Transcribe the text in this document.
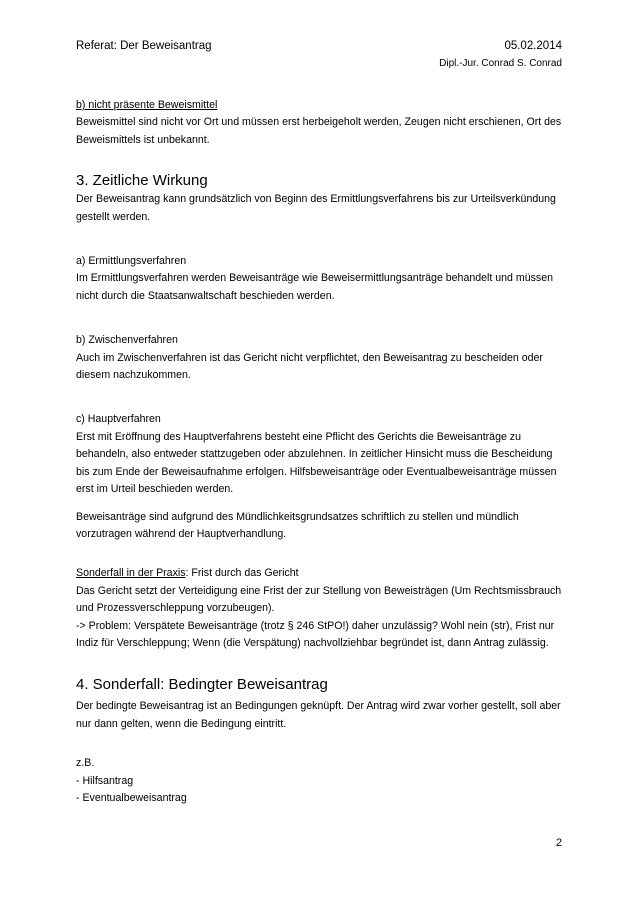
Referat: Der Beweisantrag	05.02.2014
Dipl.-Jur. Conrad S. Conrad

b) nicht präsente Beweismittel

Beweismittel sind nicht vor Ort und müssen erst herbeigeholt werden, Zeugen nicht erschienen, Ort des Beweismittels ist unbekannt.

3. Zeitliche Wirkung

Der Beweisantrag kann grundsätzlich von Beginn des Ermittlungsverfahrens bis zur Urteilsverkündung gestellt werden.

a) Ermittlungsverfahren

Im Ermittlungsverfahren werden Beweisanträge wie Beweisermittlungsanträge behandelt und müssen nicht durch die Staatsanwaltschaft beschieden werden.

b) Zwischenverfahren

Auch im Zwischenverfahren ist das Gericht nicht verpflichtet, den Beweisantrag zu bescheiden oder diesem nachzukommen.

c) Hauptverfahren

Erst mit Eröffnung des Hauptverfahrens besteht eine Pflicht des Gerichts die Beweisanträge zu behandeln, also entweder stattzugeben oder abzulehnen. In zeitlicher Hinsicht muss die Bescheidung bis zum Ende der Beweisaufnahme erfolgen. Hilfsbeweisanträge oder Eventualbeweisanträge müssen erst im Urteil beschieden werden.

Beweisanträge sind aufgrund des Mündlichkeitsgrundsatzes schriftlich zu stellen und mündlich vorzutragen während der Hauptverhandlung.

Sonderfall in der Praxis: Frist durch das Gericht

Das Gericht setzt der Verteidigung eine Frist der zur Stellung von Beweisträgen (Um Rechtsmissbrauch und Prozessverschleppung vorzubeugen).

-> Problem: Verspätete Beweisanträge (trotz § 246 StPO!) daher unzulässig? Wohl nein (str), Frist nur Indiz für Verschleppung; Wenn (die Verspätung) nachvollziehbar begründet ist, dann Antrag zulässig.

4. Sonderfall: Bedingter Beweisantrag

Der bedingte Beweisantrag ist an Bedingungen geknüpft. Der Antrag wird zwar vorher gestellt, soll aber nur dann gelten, wenn die Bedingung eintritt.

z.B.

- Hilfsantrag

- Eventualbeweisantrag

2
